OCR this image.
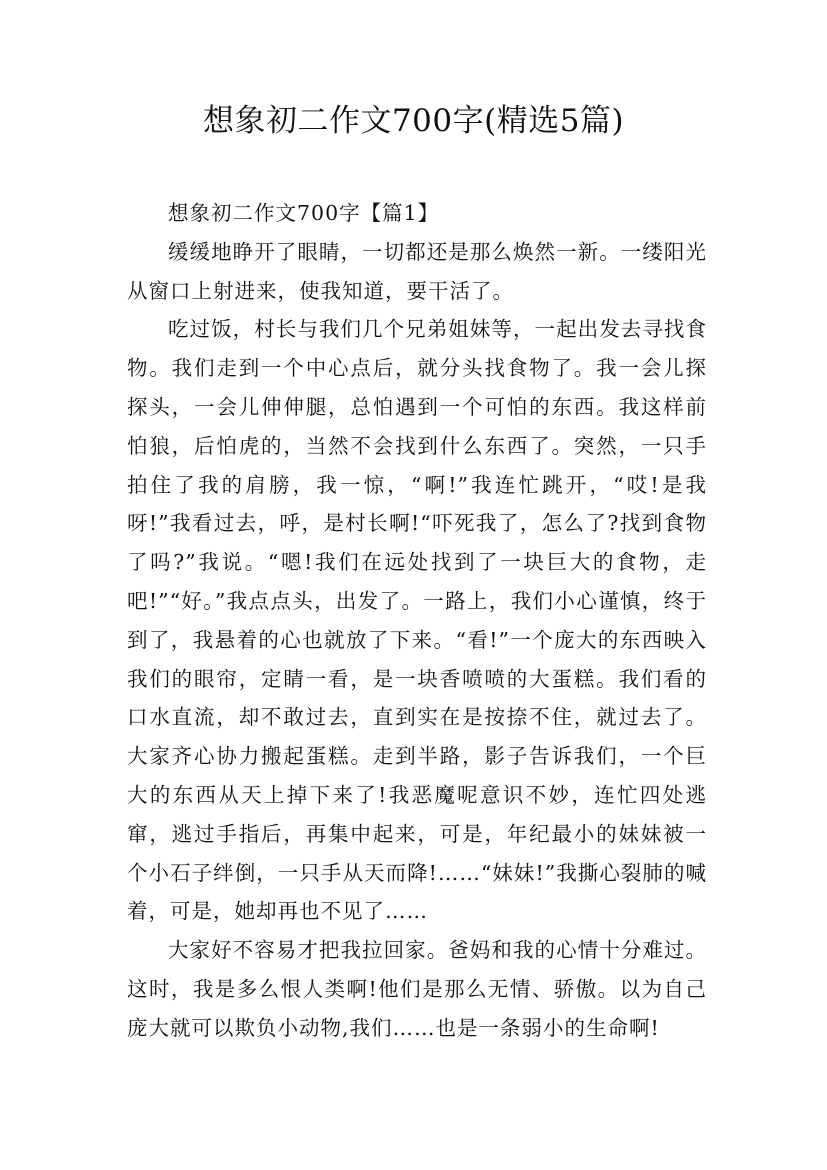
想象初二作文700字(精选5篇)

想象初二作文700字【篇1】

缓缓地睁开了眼睛，一切都还是那么焕然一新。一缕阳光从窗口上射进来，使我知道，要干活了。

吃过饭，村长与我们几个兄弟姐妹等，一起出发去寻找食物。我们走到一个中心点后，就分头找食物了。我一会儿探探头，一会儿伸伸腿，总怕遇到一个可怕的东西。我这样前怕狼，后怕虎的，当然不会找到什么东西了。突然，一只手拍住了我的肩膀，我一惊，“啊!”我连忙跳开，“哎!是我呀!”我看过去，呼，是村长啊!“吓死我了，怎么了?找到食物了吗?”我说。“嗯!我们在远处找到了一块巨大的食物，走吧!”“好。”我点点头，出发了。一路上，我们小心谨慎，终于到了，我悬着的心也就放了下来。“看!”一个庞大的东西映入我们的眼帘，定睛一看，是一块香喷喷的大蛋糕。我们看的口水直流，却不敢过去，直到实在是按捺不住，就过去了。大家齐心协力搬起蛋糕。走到半路，影子告诉我们，一个巨大的东西从天上掉下来了!我恶魔呢意识不妙，连忙四处逃窜，逃过手指后，再集中起来，可是，年纪最小的妹妹被一个小石子绊倒，一只手从天而降!……“妹妹!”我撕心裂肺的喊着，可是，她却再也不见了……

大家好不容易才把我拉回家。爸妈和我的心情十分难过。这时，我是多么恨人类啊!他们是那么无情、骄傲。以为自己庞大就可以欺负小动物,我们……也是一条弱小的生命啊!
